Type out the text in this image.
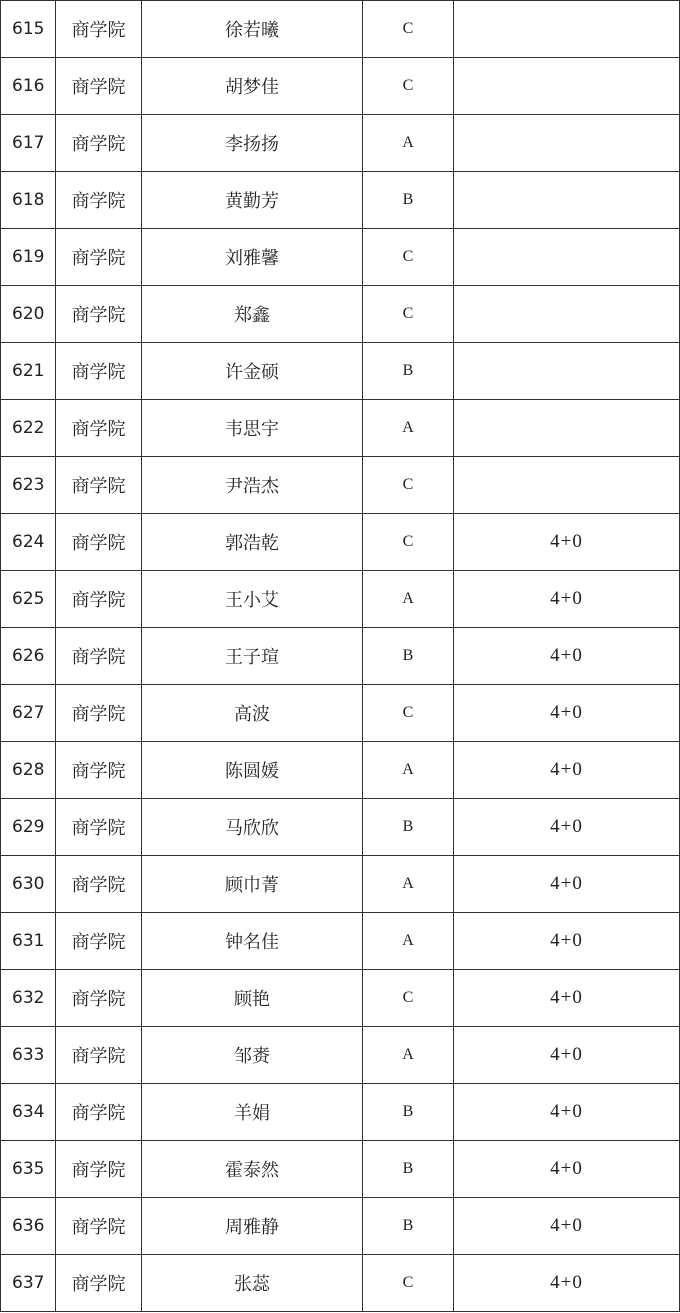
615	商学院	徐若曦	C	
616	商学院	胡梦佳	C	
617	商学院	李扬扬	A	
618	商学院	黄勤芳	B	
619	商学院	刘雅馨	C	
620	商学院	郑鑫	C	
621	商学院	许金硕	B	
622	商学院	韦思宇	A	
623	商学院	尹浩杰	C	
624	商学院	郭浩乾	C	4+0
625	商学院	王小艾	A	4+0
626	商学院	王子瑄	B	4+0
627	商学院	高波	C	4+0
628	商学院	陈圆媛	A	4+0
629	商学院	马欣欣	B	4+0
630	商学院	顾巾菁	A	4+0
631	商学院	钟名佳	A	4+0
632	商学院	顾艳	C	4+0
633	商学院	邹赉	A	4+0
634	商学院	羊娟	B	4+0
635	商学院	霍泰然	B	4+0
636	商学院	周雅静	B	4+0
637	商学院	张蕊	C	4+0
